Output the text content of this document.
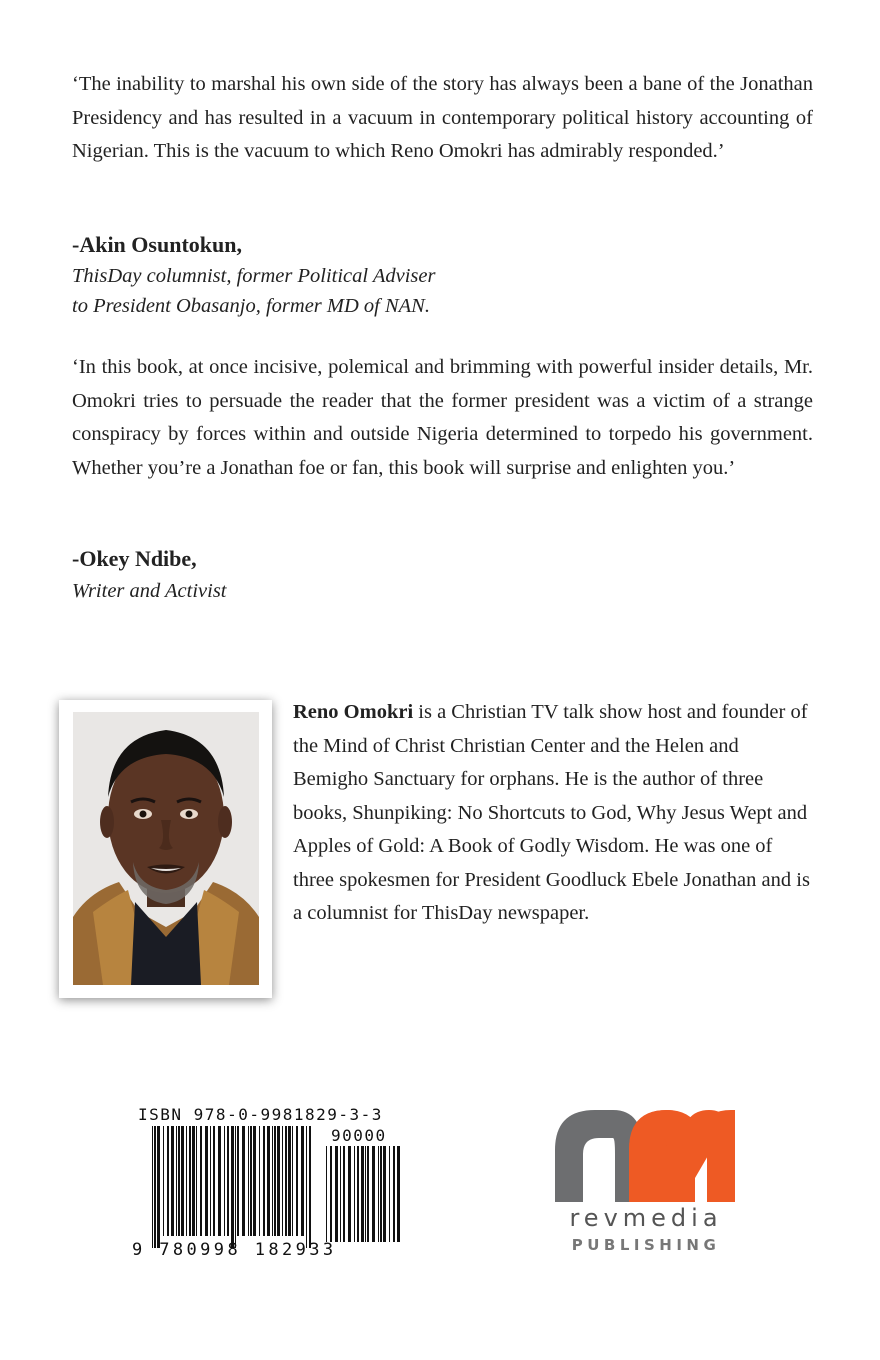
‘The inability to marshal his own side of the story has always been a bane of the Jonathan Presidency and has resulted in a vacuum in contemporary political history accounting of Nigerian. This is the vacuum to which Reno Omokri has admirably responded.’

-Akin Osuntokun,

ThisDay columnist, former Political Adviser
to President Obasanjo, former MD of NAN.

‘In this book, at once incisive, polemical and brimming with powerful insider details, Mr. Omokri tries to persuade the reader that the former president was a victim of a strange conspiracy by forces within and outside Nigeria determined to torpedo his government. Whether you’re a Jonathan foe or fan, this book will surprise and enlighten you.’

-Okey Ndibe,

Writer and Activist

Reno Omokri is a Christian TV talk show host and founder of the Mind of Christ Christian Center and the Helen and Bemigho Sanctuary for orphans. He is the author of three books, Shunpiking: No Shortcuts to God, Why Jesus Wept and Apples of Gold: A Book of Godly Wisdom. He was one of three spokesmen for President Goodluck Ebele Jonathan and is a columnist for ThisDay newspaper.

ISBN 978-0-9981829-3-3
90000
9 780998 182933
revmedia
PUBLISHING
